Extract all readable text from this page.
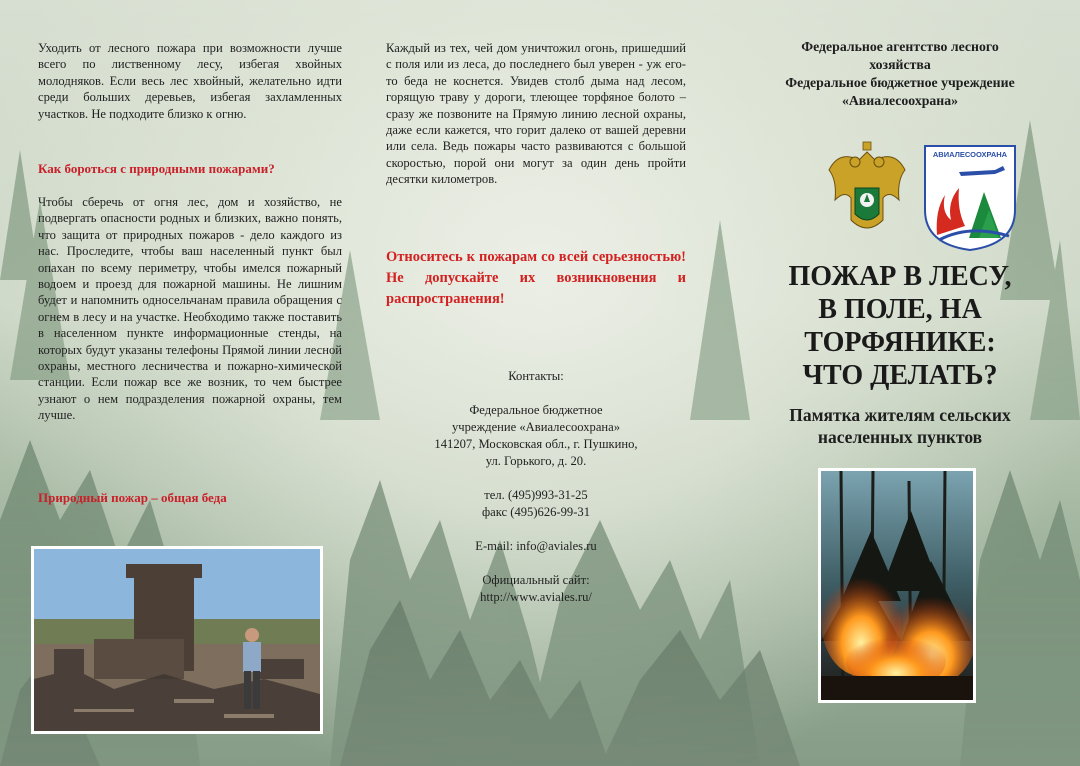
Уходить от лесного пожара при возможности лучше всего по лиственному лесу, избегая хвойных молодняков. Если весь лес хвойный, желательно идти среди больших деревьев, избегая захламленных участков. Не подходите близко к огню.

Как бороться с природными пожарами?

Чтобы сберечь от огня лес, дом и хозяйство, не подвергать опасности родных и близких, важно понять, что защита от природных пожаров - дело каждого из нас. Проследите, чтобы ваш населенный пункт был опахан по всему периметру, чтобы имелся пожарный водоем и проезд для пожарной машины. Не лишним будет и напомнить односельчанам правила обращения с огнем в лесу и на участке. Необходимо также поставить в населенном пункте информационные стенды, на которых будут указаны телефоны Прямой линии лесной охраны, местного лесничества и пожарно-химической станции. Если пожар все же возник, то чем быстрее узнают о нем подразделения пожарной охраны, тем лучше.

Природный пожар – общая беда

Каждый из тех, чей дом уничтожил огонь, пришедший с поля или из леса, до последнего был уверен - уж его-то беда не коснется. Увидев столб дыма над лесом, горящую траву у дороги, тлеющее торфяное болото – сразу же позвоните на Прямую линию лесной охраны, даже если кажется, что горит далеко от вашей деревни или села. Ведь пожары часто развиваются с большой скоростью, порой они могут за один день пройти десятки километров.

Относитесь к пожарам со всей серьезностью! Не допускайте их возникновения и распространения!
Контакты:
Федеральное бюджетное
учреждение «Авиалесоохрана»
141207, Московская обл., г. Пушкино,
ул. Горького, д. 20.
тел. (495)993-31-25
факс (495)626-99-31
E-mail: info@aviales.ru
Официальный сайт:
http://www.aviales.ru/
Федеральное агентство лесного
хозяйства
Федеральное бюджетное учреждение
«Авиалесоохрана»
АВИАЛЕСООХРАНА
ПОЖАР В ЛЕСУ,
В ПОЛЕ, НА
ТОРФЯНИКЕ:
ЧТО ДЕЛАТЬ?
Памятка жителям сельских
населенных пунктов
